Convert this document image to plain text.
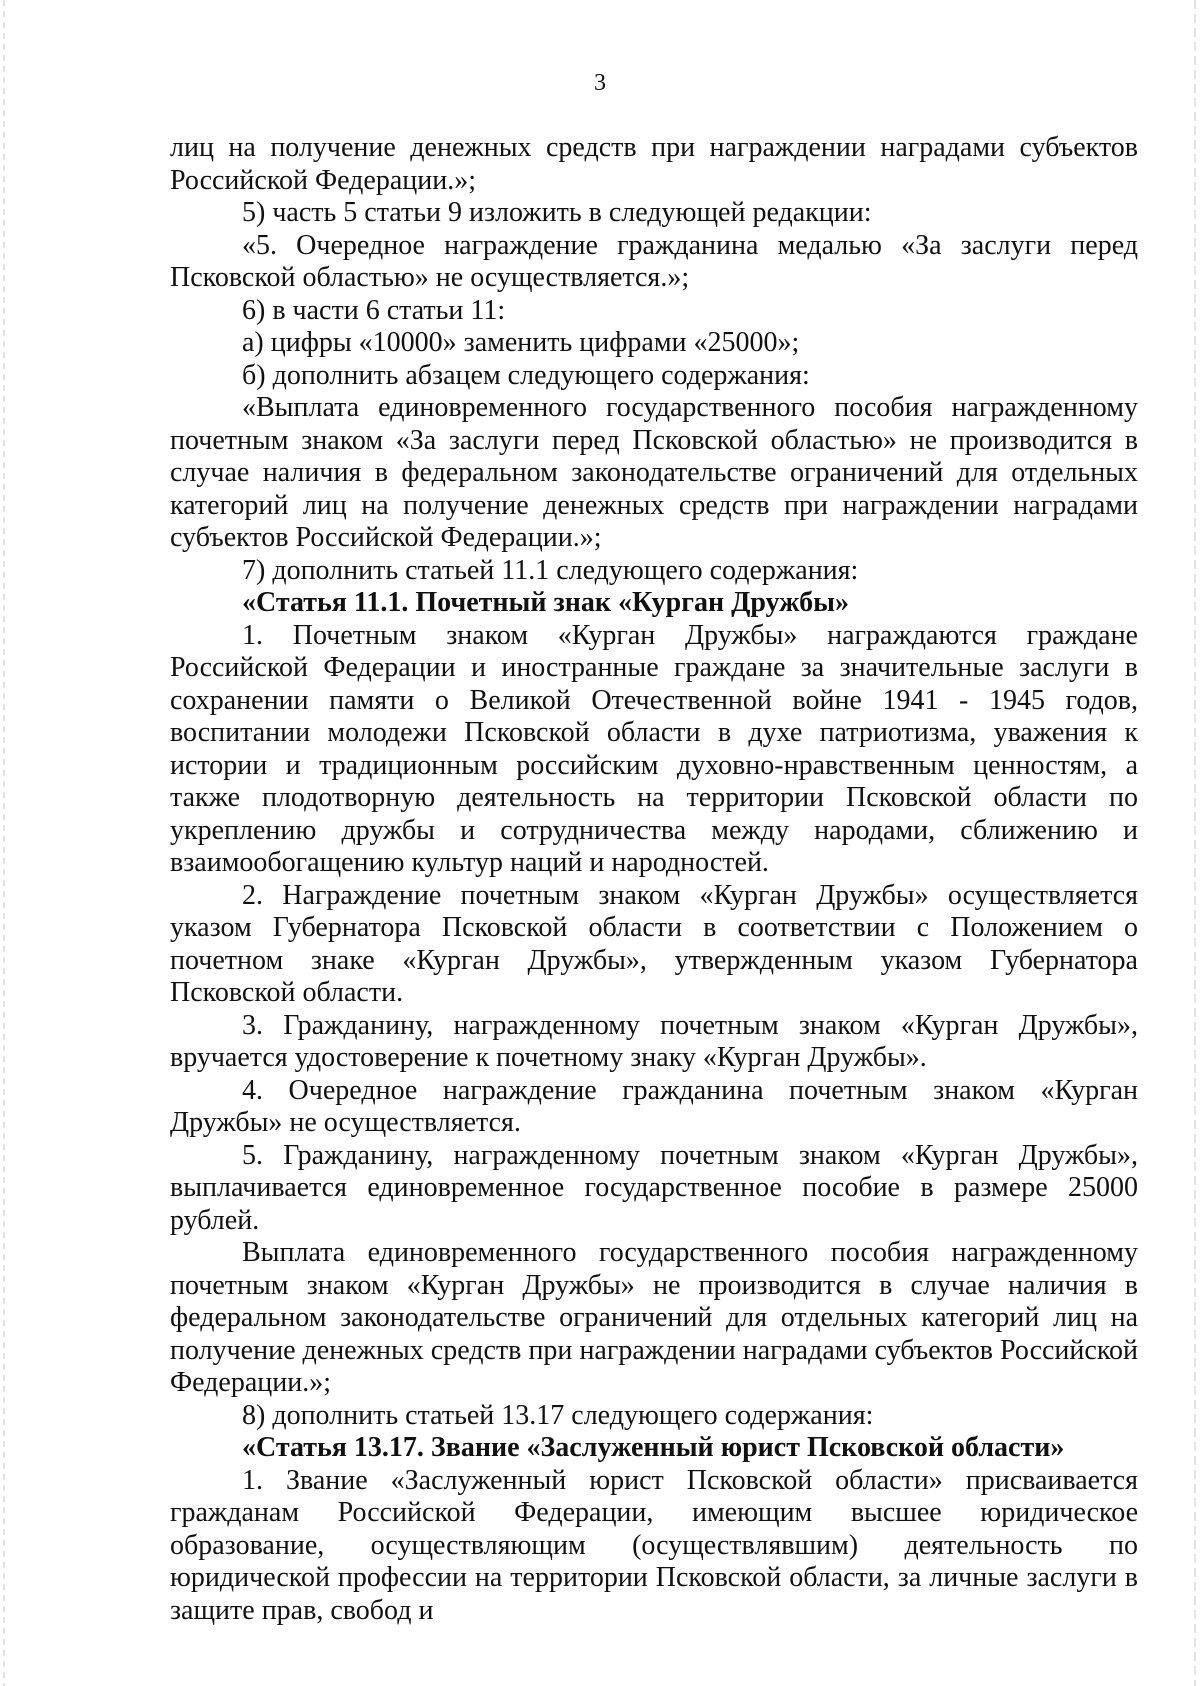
3

лиц на получение денежных средств при награждении наградами субъектов Российской Федерации.»;

5) часть 5 статьи 9 изложить в следующей редакции:

«5. Очередное награждение гражданина медалью «За заслуги перед Псковской областью» не осуществляется.»;

6) в части 6 статьи 11:

а) цифры «10000» заменить цифрами «25000»;

б) дополнить абзацем следующего содержания:

«Выплата единовременного государственного пособия награжденному почетным знаком «За заслуги перед Псковской областью» не производится в случае наличия в федеральном законодательстве ограничений для отдельных категорий лиц на получение денежных средств при награждении наградами субъектов Российской Федерации.»;

7) дополнить статьей 11.1 следующего содержания:

«Статья 11.1. Почетный знак «Курган Дружбы»

1. Почетным знаком «Курган Дружбы» награждаются граждане Российской Федерации и иностранные граждане за значительные заслуги в сохранении памяти о Великой Отечественной войне 1941 - 1945 годов, воспитании молодежи Псковской области в духе патриотизма, уважения к истории и традиционным российским духовно-нравственным ценностям, а также плодотворную деятельность на территории Псковской области по укреплению дружбы и сотрудничества между народами, сближению и взаимообогащению культур наций и народностей.

2. Награждение почетным знаком «Курган Дружбы» осуществляется указом Губернатора Псковской области в соответствии с Положением о почетном знаке «Курган Дружбы», утвержденным указом Губернатора Псковской области.

3. Гражданину, награжденному почетным знаком «Курган Дружбы», вручается удостоверение к почетному знаку «Курган Дружбы».

4. Очередное награждение гражданина почетным знаком «Курган Дружбы» не осуществляется.

5. Гражданину, награжденному почетным знаком «Курган Дружбы», выплачивается единовременное государственное пособие в размере 25000 рублей.

Выплата единовременного государственного пособия награжденному почетным знаком «Курган Дружбы» не производится в случае наличия в федеральном законодательстве ограничений для отдельных категорий лиц на получение денежных средств при награждении наградами субъектов Российской Федерации.»;

8) дополнить статьей 13.17 следующего содержания:

«Статья 13.17. Звание «Заслуженный юрист Псковской области»

1. Звание «Заслуженный юрист Псковской области» присваивается гражданам Российской Федерации, имеющим высшее юридическое образование, осуществляющим (осуществлявшим) деятельность по юридической профессии на территории Псковской области, за личные заслуги в защите прав, свобод и
